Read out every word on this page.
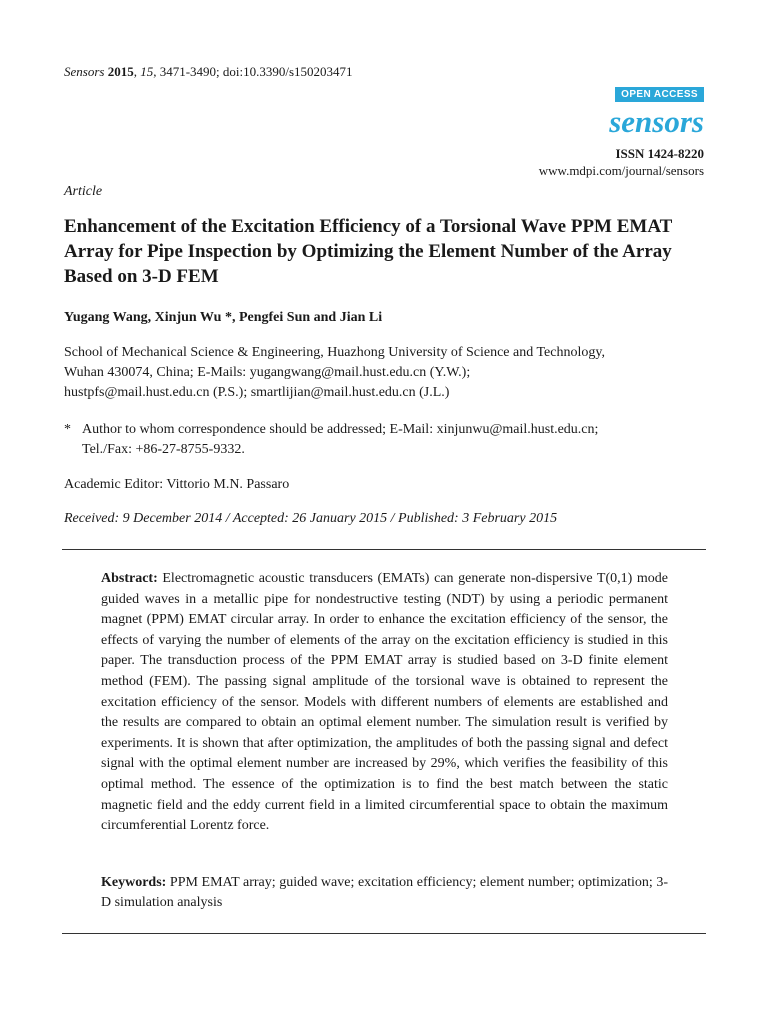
Sensors 2015, 15, 3471-3490; doi:10.3390/s150203471
OPEN ACCESS
sensors
ISSN 1424-8220
www.mdpi.com/journal/sensors
Article
Enhancement of the Excitation Efficiency of a Torsional Wave PPM EMAT Array for Pipe Inspection by Optimizing the Element Number of the Array Based on 3-D FEM
Yugang Wang, Xinjun Wu *, Pengfei Sun and Jian Li
School of Mechanical Science & Engineering, Huazhong University of Science and Technology,
Wuhan 430074, China; E-Mails: yugangwang@mail.hust.edu.cn (Y.W.);
hustpfs@mail.hust.edu.cn (P.S.); smartlijian@mail.hust.edu.cn (J.L.)
* Author to whom correspondence should be addressed; E-Mail: xinjunwu@mail.hust.edu.cn;
Tel./Fax: +86-27-8755-9332.
Academic Editor: Vittorio M.N. Passaro
Received: 9 December 2014 / Accepted: 26 January 2015 / Published: 3 February 2015

Abstract: Electromagnetic acoustic transducers (EMATs) can generate non-dispersive T(0,1) mode guided waves in a metallic pipe for nondestructive testing (NDT) by using a periodic permanent magnet (PPM) EMAT circular array. In order to enhance the excitation efficiency of the sensor, the effects of varying the number of elements of the array on the excitation efficiency is studied in this paper. The transduction process of the PPM EMAT array is studied based on 3-D finite element method (FEM). The passing signal amplitude of the torsional wave is obtained to represent the excitation efficiency of the sensor. Models with different numbers of elements are established and the results are compared to obtain an optimal element number. The simulation result is verified by experiments. It is shown that after optimization, the amplitudes of both the passing signal and defect signal with the optimal element number are increased by 29%, which verifies the feasibility of this optimal method. The essence of the optimization is to find the best match between the static magnetic field and the eddy current field in a limited circumferential space to obtain the maximum circumferential Lorentz force.

Keywords: PPM EMAT array; guided wave; excitation efficiency; element number; optimization; 3-D simulation analysis
